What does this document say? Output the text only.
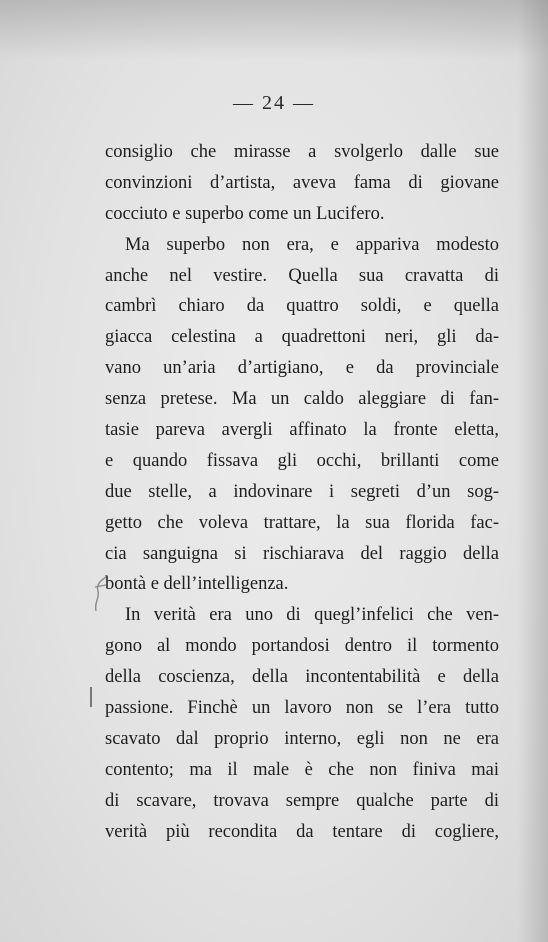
— 24 —
consiglio che mirasse a svolgerlo dalle sue
convinzioni d’artista, aveva fama di giovane
cocciuto e superbo come un Lucifero.
Ma superbo non era, e appariva modesto
anche nel vestire. Quella sua cravatta di
cambrì chiaro da quattro soldi, e quella
giacca celestina a quadrettoni neri, gli da-
vano un’aria d’artigiano, e da provinciale
senza pretese. Ma un caldo aleggiare di fan-
tasie pareva avergli affinato la fronte eletta,
e quando fissava gli occhi, brillanti come
due stelle, a indovinare i segreti d’un sog-
getto che voleva trattare, la sua florida fac-
cia sanguigna si rischiarava del raggio della
bontà e dell’intelligenza.
In verità era uno di quegl’infelici che ven-
gono al mondo portandosi dentro il tormento
della coscienza, della incontentabilità e della
passione. Finchè un lavoro non se l’era tutto
scavato dal proprio interno, egli non ne era
contento; ma il male è che non finiva mai
di scavare, trovava sempre qualche parte di
verità più recondita da tentare di cogliere,
